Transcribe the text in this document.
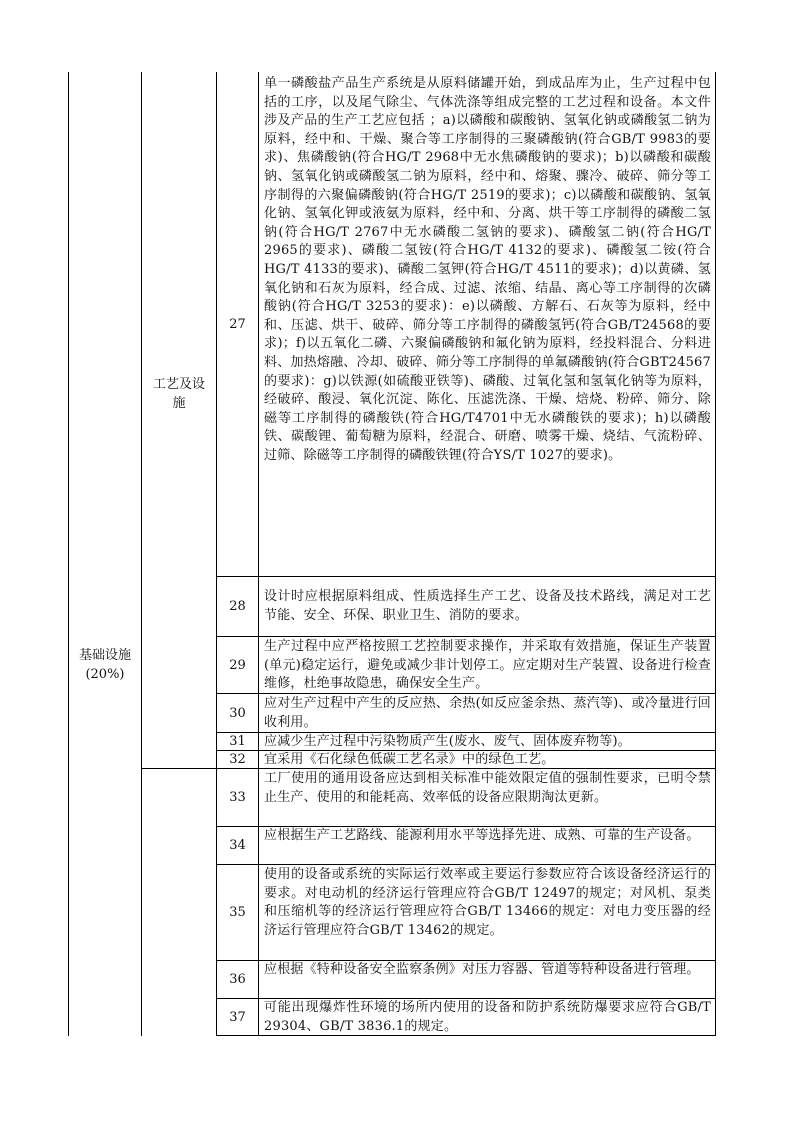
基础设施
(20%)
工艺及设
施
27
单一磷酸盐产品生产系统是从原料储罐开始，到成品库为止，生产过程中包括的工序，以及尾气除尘、气体洗涤等组成完整的工艺过程和设备。本文件涉及产品的生产工艺应包括 ；a)以磷酸和碳酸钠、氢氧化钠或磷酸氢二钠为原料，经中和、干燥、聚合等工序制得的三聚磷酸钠(符合GB/T 9983的要求)、焦磷酸钠(符合HG/T 2968中无水焦磷酸钠的要求)；b)以磷酸和碳酸钠、氢氧化钠或磷酸氢二钠为原料，经中和、熔聚、骤冷、破碎、筛分等工序制得的六聚偏磷酸钠(符合HG/T 2519的要求)；c)以磷酸和碳酸钠、氢氧化钠、氢氧化钾或液氨为原料，经中和、分离、烘干等工序制得的磷酸二氢钠(符合HG/T 2767中无水磷酸二氢钠的要求)、磷酸氢二钠(符合HG/T 2965的要求)、磷酸二氢铵(符合HG/T 4132的要求)、磷酸氢二铵(符合HG/T 4133的要求)、磷酸二氢钾(符合HG/T 4511的要求)；d)以黄磷、氢氧化钠和石灰为原料，经合成、过滤、浓缩、结晶、离心等工序制得的次磷酸钠(符合HG/T 3253的要求)：e)以磷酸、方解石、石灰等为原料，经中和、压滤、烘干、破碎、筛分等工序制得的磷酸氢钙(符合GB/T24568的要求)；f)以五氧化二磷、六聚偏磷酸钠和氟化钠为原料，经投料混合、分料进料、加热熔融、冷却、破碎、筛分等工序制得的单氟磷酸钠(符合GBT24567的要求)：g)以铁源(如硫酸亚铁等)、磷酸、过氧化氢和氢氧化钠等为原料，经破碎、酸浸、氧化沉淀、陈化、压滤洗涤、干燥、焙烧、粉碎、筛分、除磁等工序制得的磷酸铁(符合HG/T4701中无水磷酸铁的要求)；h)以磷酸铁、碳酸锂、葡萄糖为原料，经混合、研磨、喷雾干燥、烧结、气流粉碎、过筛、除磁等工序制得的磷酸铁锂(符合YS/T 1027的要求)。
28
设计时应根据原料组成、性质选择生产工艺、设备及技术路线，满足对工艺节能、安全、环保、职业卫生、消防的要求。
29
生产过程中应严格按照工艺控制要求操作，并采取有效措施，保证生产装置(单元)稳定运行，避免或减少非计划停工。应定期对生产装置、设备进行检查维修，杜绝事故隐患，确保安全生产。
30
应对生产过程中产生的反应热、余热(如反应釜余热、蒸汽等)、或冷量进行回收利用。
31	应减少生产过程中污染物质产生(废水、废气、固体废弃物等)。
32	宜采用《石化绿色低碳工艺名录》中的绿色工艺。
33
工厂使用的通用设备应达到相关标准中能效限定值的强制性要求，已明令禁止生产、使用的和能耗高、效率低的设备应限期淘汰更新。
34
应根据生产工艺路线、能源利用水平等选择先进、成熟、可靠的生产设备。
35
使用的设备或系统的实际运行效率或主要运行参数应符合该设备经济运行的要求。对电动机的经济运行管理应符合GB/T 12497的规定；对风机、泵类和压缩机等的经济运行管理应符合GB/T 13466的规定：对电力变压器的经济运行管理应符合GB/T 13462的规定。
36
应根据《特种设备安全监察条例》对压力容器、管道等特种设备进行管理。
37
可能出现爆炸性环境的场所内使用的设备和防护系统防爆要求应符合GB/T 29304、GB/T 3836.1的规定。
